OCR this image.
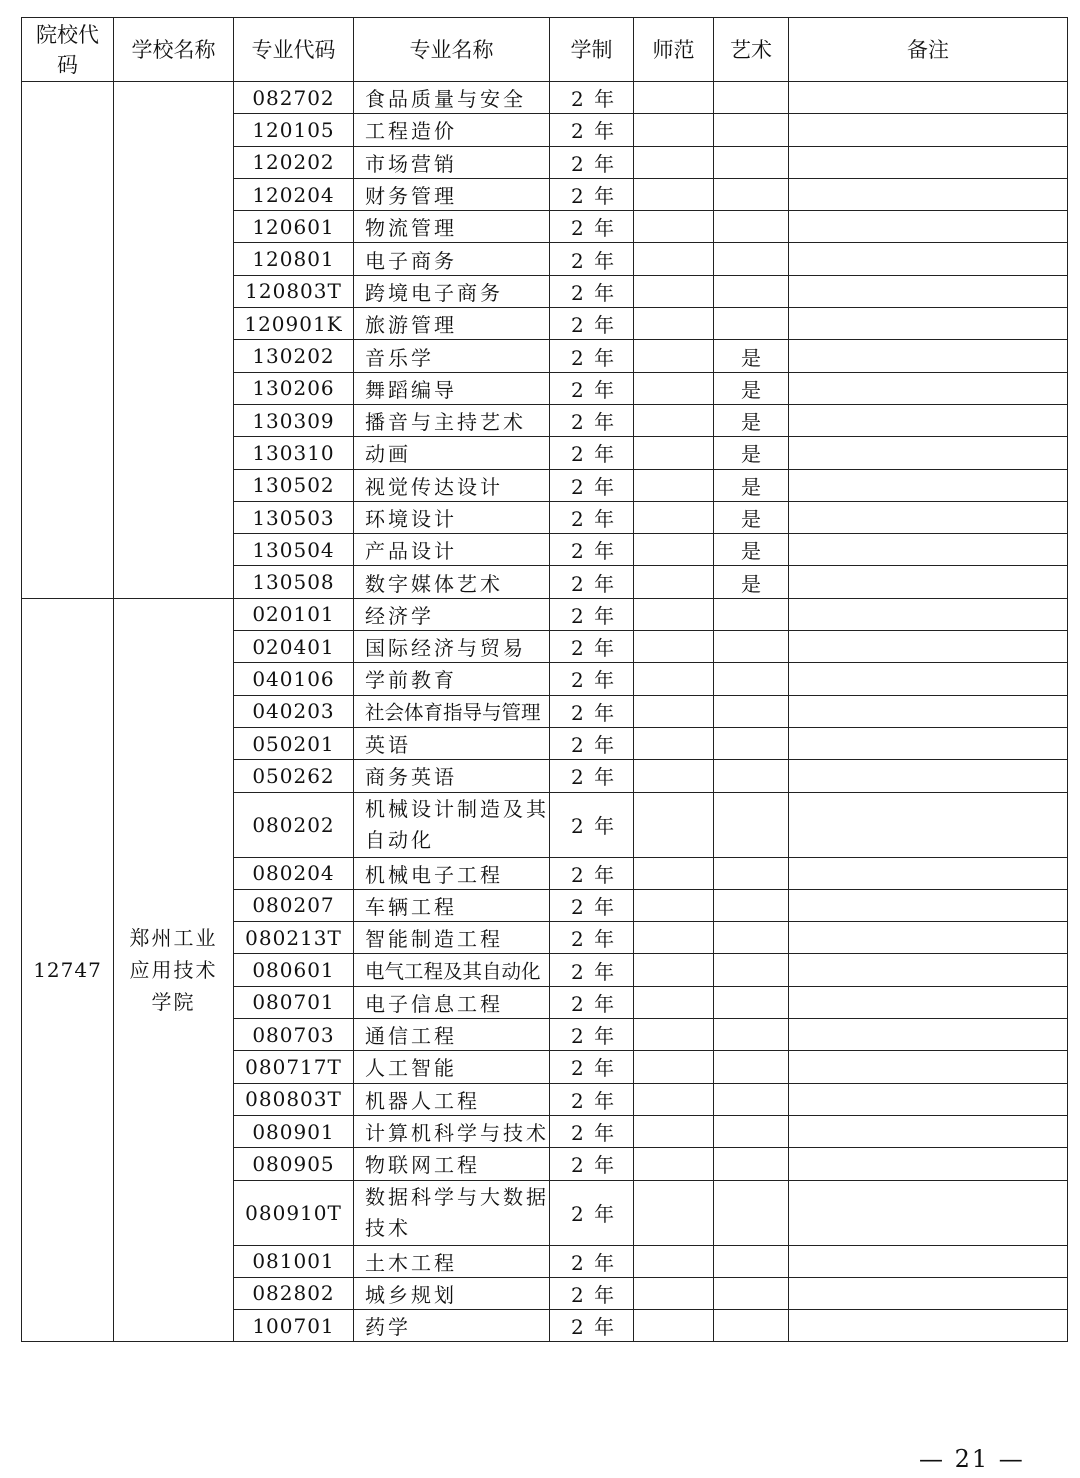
院校代码	学校名称	专业代码	专业名称	学制	师范	艺术	备注
		082702	食品质量与安全	2 年			
		120105	工程造价	2 年			
		120202	市场营销	2 年			
		120204	财务管理	2 年			
		120601	物流管理	2 年			
		120801	电子商务	2 年			
		120803T	跨境电子商务	2 年			
		120901K	旅游管理	2 年			
		130202	音乐学	2 年		是	
		130206	舞蹈编导	2 年		是	
		130309	播音与主持艺术	2 年		是	
		130310	动画	2 年		是	
		130502	视觉传达设计	2 年		是	
		130503	环境设计	2 年		是	
		130504	产品设计	2 年		是	
		130508	数字媒体艺术	2 年		是	
12747	郑州工业应用技术学院	020101	经济学	2 年			
		020401	国际经济与贸易	2 年			
		040106	学前教育	2 年			
		040203	社会体育指导与管理	2 年			
		050201	英语	2 年			
		050262	商务英语	2 年			
		080202	机械设计制造及其自动化	2 年			
		080204	机械电子工程	2 年			
		080207	车辆工程	2 年			
		080213T	智能制造工程	2 年			
		080601	电气工程及其自动化	2 年			
		080701	电子信息工程	2 年			
		080703	通信工程	2 年			
		080717T	人工智能	2 年			
		080803T	机器人工程	2 年			
		080901	计算机科学与技术	2 年			
		080905	物联网工程	2 年			
		080910T	数据科学与大数据技术	2 年			
		081001	土木工程	2 年			
		082802	城乡规划	2 年			
		100701	药学	2 年			
— 21 —
